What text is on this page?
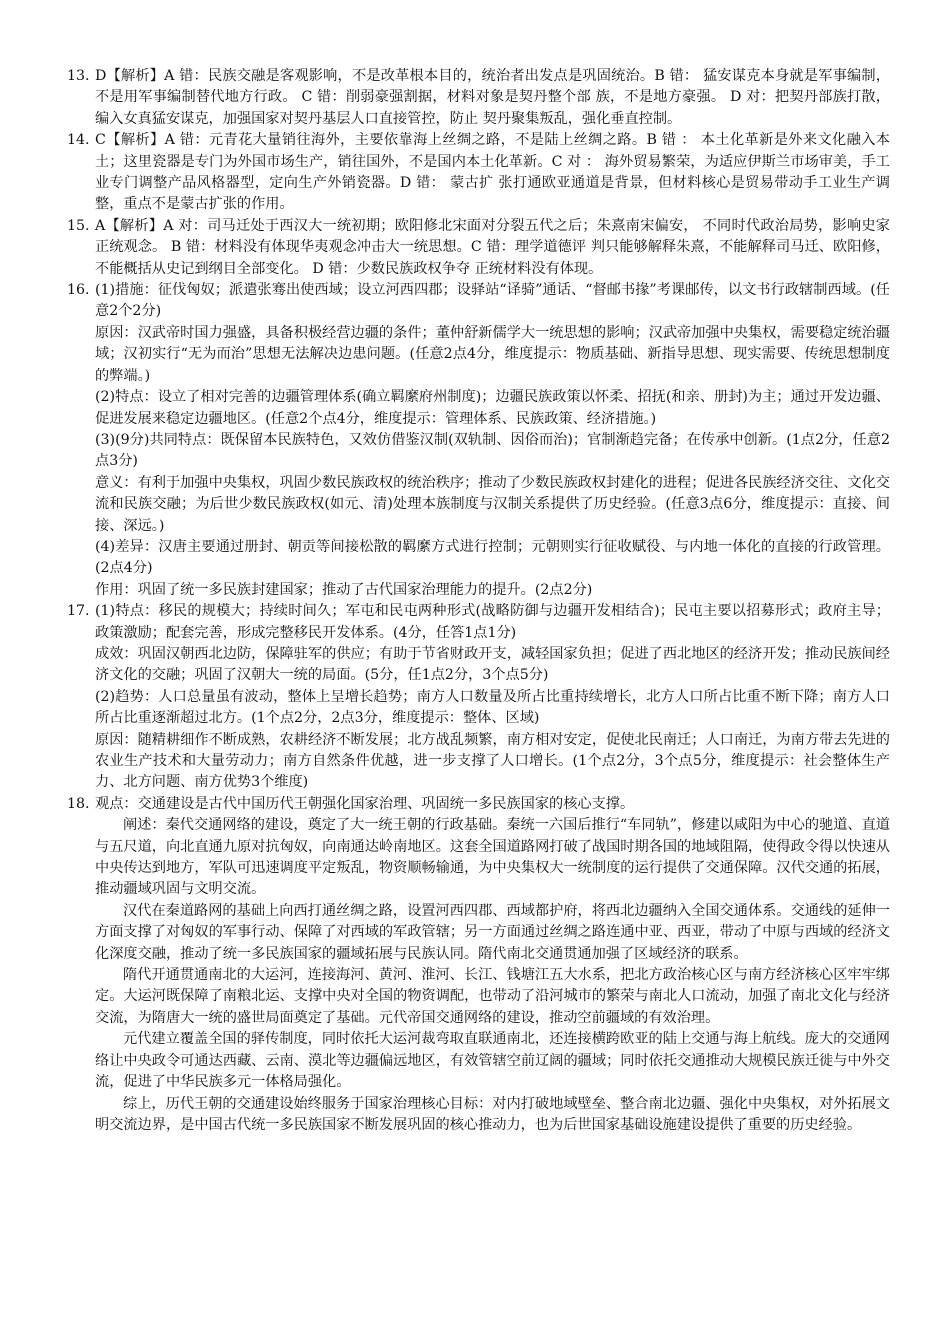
13. D【解析】A 错：民族交融是客观影响，不是改革根本目的，统治者出发点是巩固统治。B 错： 猛安谋克本身就是军事编制，不是用军事编制替代地方行政。 C 错：削弱豪强割据，材料对象是契丹整个部 族，不是地方豪强。 D 对：把契丹部族打散，编入女真猛安谋克，加强国家对契丹基层人口直接管控，防止 契丹聚集叛乱，强化垂直控制。

14. C【解析】A 错：元青花大量销往海外，主要依靠海上丝绸之路，不是陆上丝绸之路。B 错 ： 本土化革新是外来文化融入本土；这里瓷器是专门为外国市场生产，销往国外，不是国内本土化革新。C 对 ： 海外贸易繁荣，为适应伊斯兰市场审美，手工业专门调整产品风格器型，定向生产外销瓷器。D 错： 蒙古扩 张打通欧亚通道是背景，但材料核心是贸易带动手工业生产调整，重点不是蒙古扩张的作用。

15. A【解析】A 对：司马迁处于西汉大一统初期；欧阳修北宋面对分裂五代之后；朱熹南宋偏安， 不同时代政治局势，影响史家正统观念。 B 错：材料没有体现华夷观念冲击大一统思想。C 错：理学道德评 判只能够解释朱熹，不能解释司马迁、欧阳修，不能概括从史记到纲目全部变化。 D 错：少数民族政权争夺 正统材料没有体现。

16. (1)措施：征伐匈奴；派遣张骞出使西域；设立河西四郡；设驿站“译骑”通话、“督邮书掾”考课邮传，以文书行政辖制西域。(任意2个2分)

原因：汉武帝时国力强盛，具备积极经营边疆的条件；董仲舒新儒学大一统思想的影响；汉武帝加强中央集权，需要稳定统治疆域；汉初实行“无为而治”思想无法解决边患问题。(任意2点4分，维度提示：物质基础、新指导思想、现实需要、传统思想制度的弊端。)

(2)特点：设立了相对完善的边疆管理体系(确立羁縻府州制度)；边疆民族政策以怀柔、招抚(和亲、册封)为主；通过开发边疆、促进发展来稳定边疆地区。(任意2个点4分，维度提示：管理体系、民族政策、经济措施。)

(3)(9分)共同特点：既保留本民族特色，又效仿借鉴汉制(双轨制、因俗而治)；官制渐趋完备；在传承中创新。(1点2分，任意2点3分)

意义：有利于加强中央集权，巩固少数民族政权的统治秩序；推动了少数民族政权封建化的进程；促进各民族经济交往、文化交流和民族交融；为后世少数民族政权(如元、清)处理本族制度与汉制关系提供了历史经验。(任意3点6分，维度提示：直接、间接、深远。)

(4)差异：汉唐主要通过册封、朝贡等间接松散的羁縻方式进行控制；元朝则实行征收赋役、与内地一体化的直接的行政管理。(2点4分)

作用：巩固了统一多民族封建国家；推动了古代国家治理能力的提升。(2点2分)

17. (1)特点：移民的规模大；持续时间久；军屯和民屯两种形式(战略防御与边疆开发相结合)；民屯主要以招募形式；政府主导；政策激励；配套完善，形成完整移民开发体系。(4分，任答1点1分)

成效：巩固汉朝西北边防，保障驻军的供应；有助于节省财政开支，减轻国家负担；促进了西北地区的经济开发；推动民族间经济文化的交融；巩固了汉朝大一统的局面。(5分，任1点2分，3个点5分)

(2)趋势：人口总量虽有波动，整体上呈增长趋势；南方人口数量及所占比重持续增长，北方人口所占比重不断下降；南方人口所占比重逐渐超过北方。(1个点2分，2点3分，维度提示：整体、区域)

原因：随精耕细作不断成熟，农耕经济不断发展；北方战乱频繁，南方相对安定，促使北民南迁；人口南迁，为南方带去先进的农业生产技术和大量劳动力；南方自然条件优越，进一步支撑了人口增长。(1个点2分，3个点5分，维度提示：社会整体生产力、北方问题、南方优势3个维度)

18. 观点：交通建设是古代中国历代王朝强化国家治理、巩固统一多民族国家的核心支撑。

阐述：秦代交通网络的建设，奠定了大一统王朝的行政基础。秦统一六国后推行“车同轨”，修建以咸阳为中心的驰道、直道与五尺道，向北直通九原对抗匈奴，向南通达岭南地区。这套全国道路网打破了战国时期各国的地域阻隔，使得政令得以快速从中央传达到地方，军队可迅速调度平定叛乱，物资顺畅输通，为中央集权大一统制度的运行提供了交通保障。汉代交通的拓展，推动疆域巩固与文明交流。

汉代在秦道路网的基础上向西打通丝绸之路，设置河西四郡、西域都护府，将西北边疆纳入全国交通体系。交通线的延伸一方面支撑了对匈奴的军事行动、保障了对西域的军政管辖；另一方面通过丝绸之路连通中亚、西亚，带动了中原与西域的经济文化深度交融，推动了统一多民族国家的疆域拓展与民族认同。隋代南北交通贯通加强了区域经济的联系。

隋代开通贯通南北的大运河，连接海河、黄河、淮河、长江、钱塘江五大水系，把北方政治核心区与南方经济核心区牢牢绑定。大运河既保障了南粮北运、支撑中央对全国的物资调配，也带动了沿河城市的繁荣与南北人口流动，加强了南北文化与经济交流，为隋唐大一统的盛世局面奠定了基础。元代帝国交通网络的建设，推动空前疆域的有效治理。

元代建立覆盖全国的驿传制度，同时依托大运河裁弯取直联通南北，还连接横跨欧亚的陆上交通与海上航线。庞大的交通网络让中央政令可通达西藏、云南、漠北等边疆偏远地区，有效管辖空前辽阔的疆域；同时依托交通推动大规模民族迁徙与中外交流，促进了中华民族多元一体格局强化。

综上，历代王朝的交通建设始终服务于国家治理核心目标：对内打破地域壁垒、整合南北边疆、强化中央集权，对外拓展文明交流边界，是中国古代统一多民族国家不断发展巩固的核心推动力，也为后世国家基础设施建设提供了重要的历史经验。
